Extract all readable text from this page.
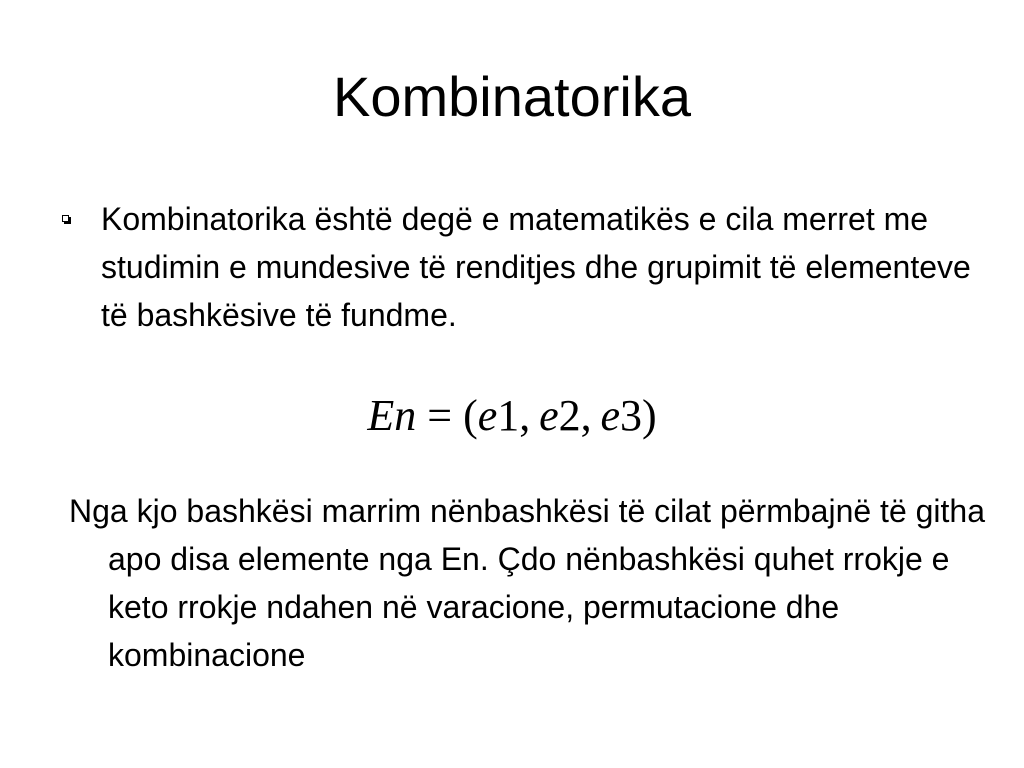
Kombinatorika

Kombinatorika është degë e matematikës e cila merret me studimin e mundesive të renditjes dhe grupimit të elementeve të bashkësive të fundme.

En = (e1,  e2,  e3)

Nga kjo bashkësi marrim nënbashkësi të cilat përmbajnë të githa apo disa elemente nga En. Çdo nënbashkësi quhet rrokje e keto rrokje ndahen në varacione, permutacione dhe kombinacione
